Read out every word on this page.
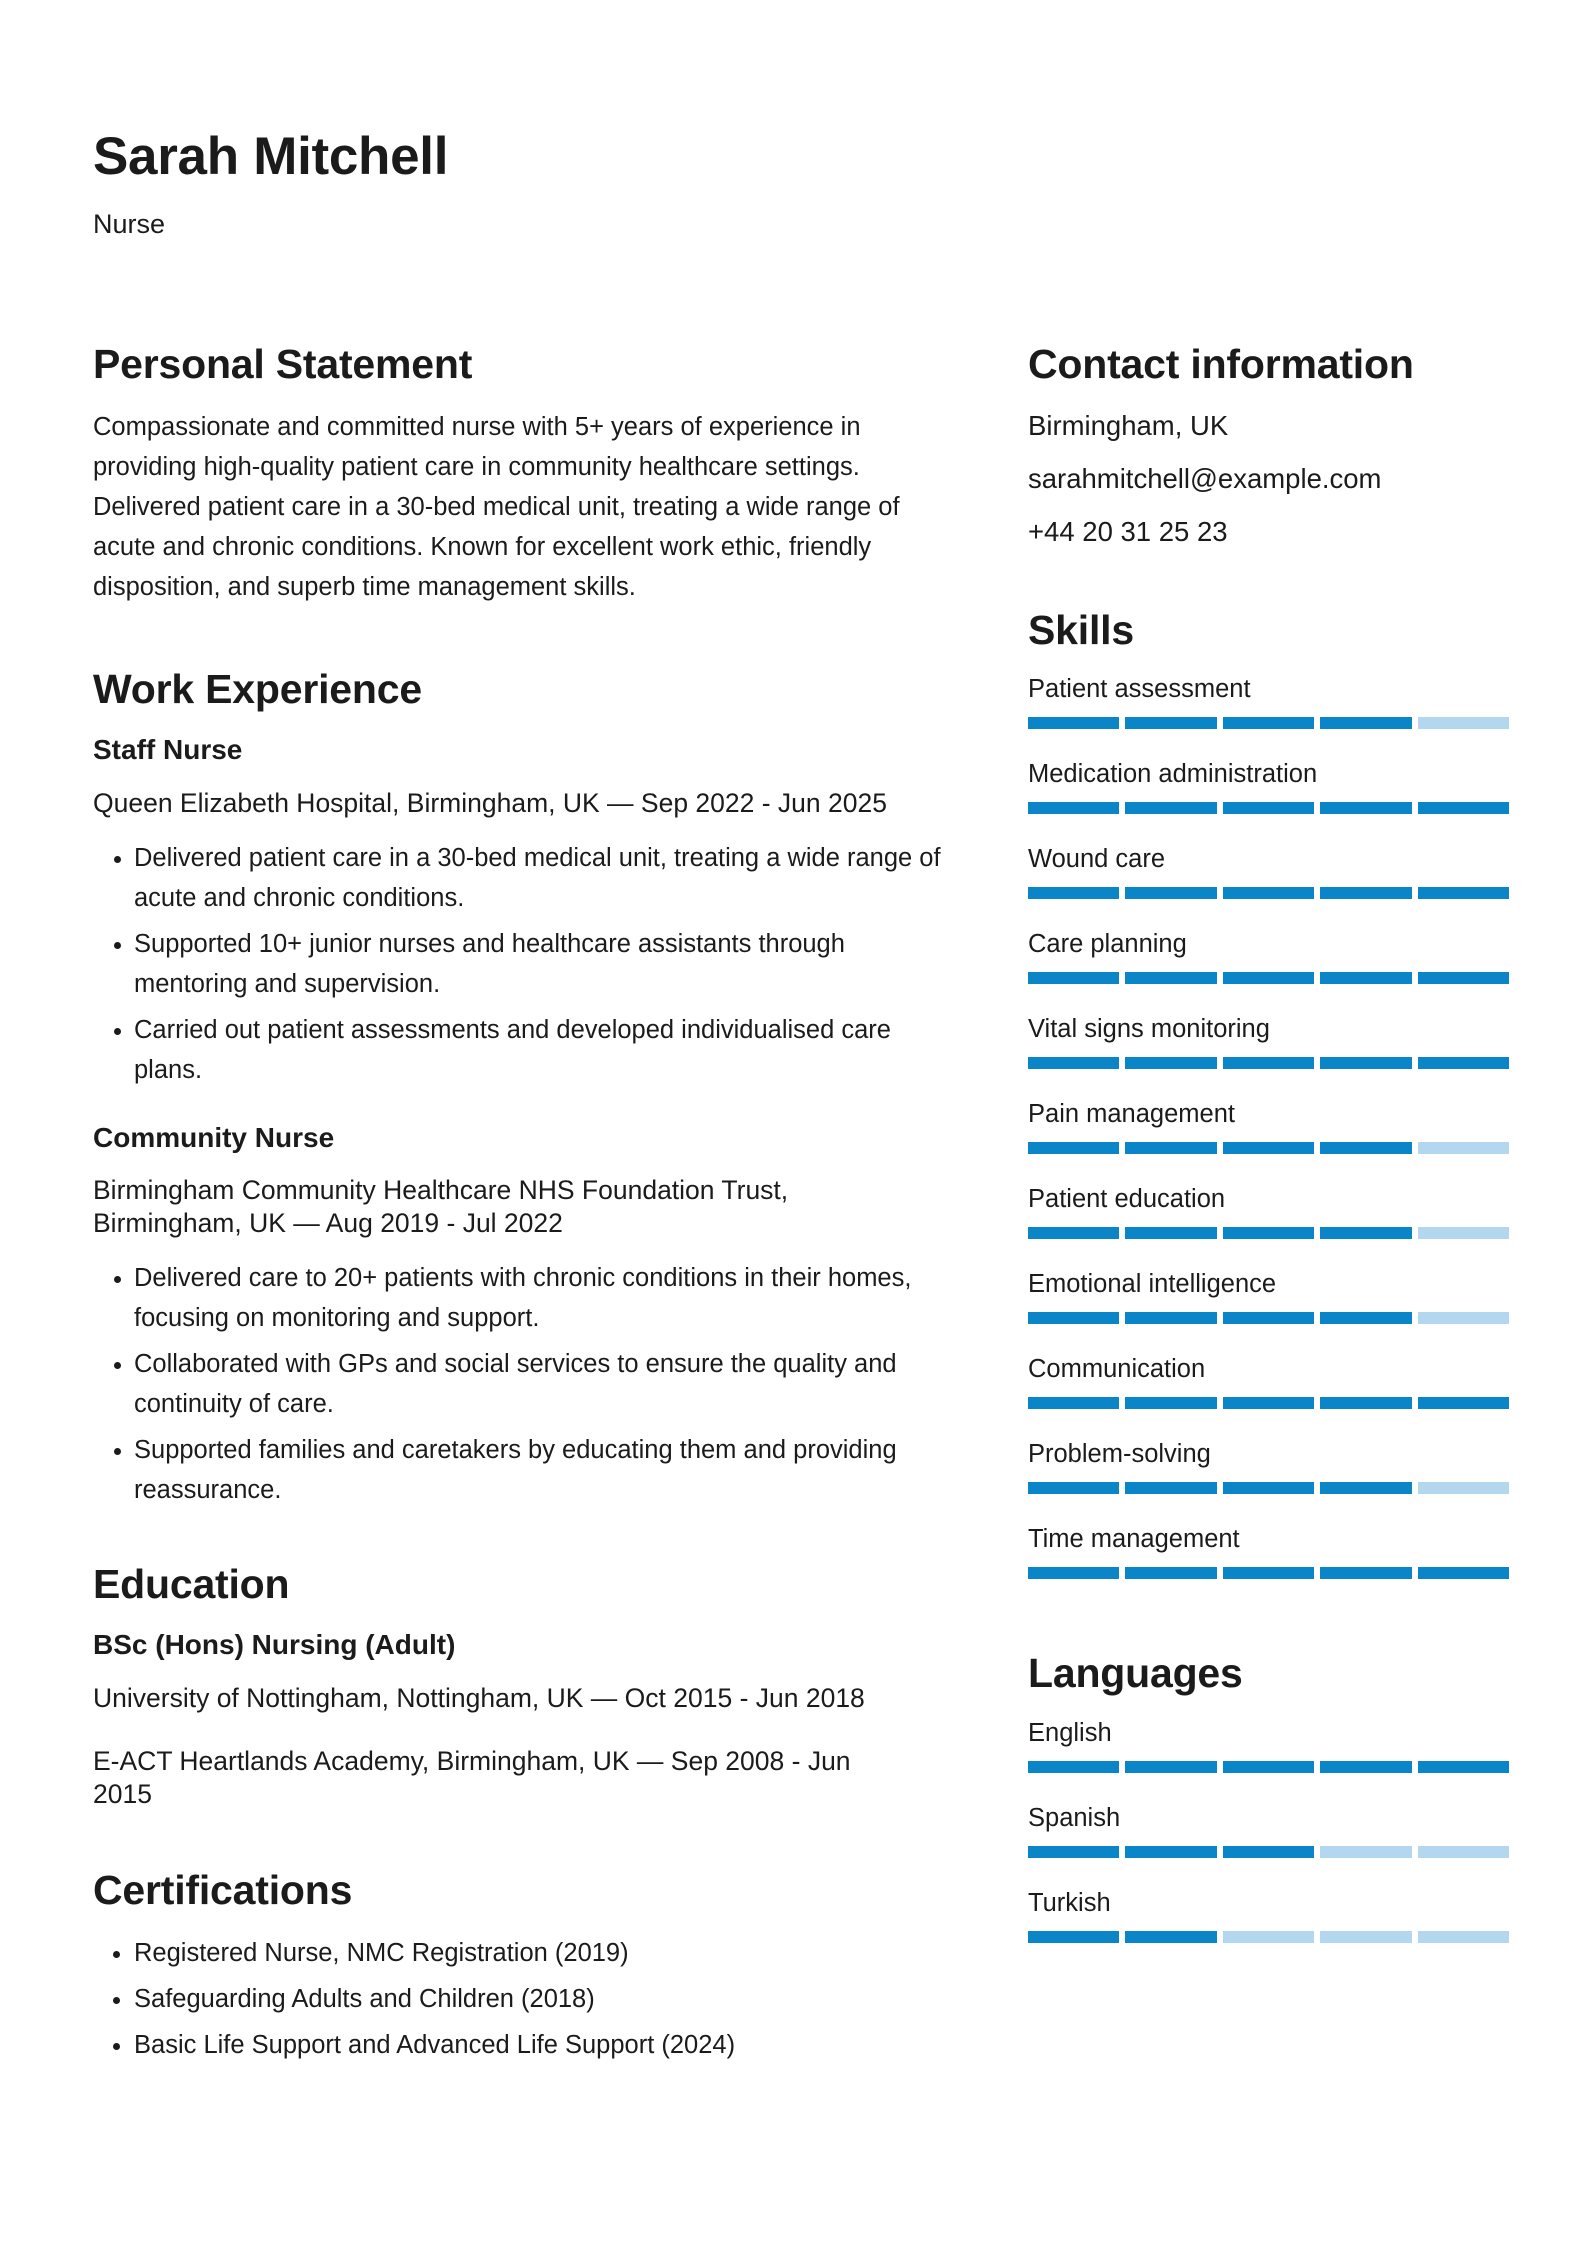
Sarah Mitchell

Nurse

Personal Statement

Compassionate and committed nurse with 5+ years of experience in providing high-quality patient care in community healthcare settings. Delivered patient care in a 30-bed medical unit, treating a wide range of acute and chronic conditions. Known for excellent work ethic, friendly disposition, and superb time management skills.

Work Experience
Staff Nurse

Queen Elizabeth Hospital, Birmingham, UK — Sep 2022 - Jun 2025

• Delivered patient care in a 30-bed medical unit, treating a wide range of acute and chronic conditions.
• Supported 10+ junior nurses and healthcare assistants through mentoring and supervision.
• Carried out patient assessments and developed individualised care plans.
Community Nurse

Birmingham Community Healthcare NHS Foundation Trust, Birmingham, UK — Aug 2019 - Jul 2022

• Delivered care to 20+ patients with chronic conditions in their homes, focusing on monitoring and support.
• Collaborated with GPs and social services to ensure the quality and continuity of care.
• Supported families and caretakers by educating them and providing reassurance.
Education

BSc (Hons) Nursing (Adult)

University of Nottingham, Nottingham, UK — Oct 2015 - Jun 2018

E-ACT Heartlands Academy, Birmingham, UK — Sep 2008 - Jun 2015

Certifications
• Registered Nurse, NMC Registration (2019)
• Safeguarding Adults and Children (2018)
• Basic Life Support and Advanced Life Support (2024)
Contact information

Birmingham, UK

sarahmitchell@example.com

+44 20 31 25 23

Skills

Patient assessment

Medication administration

Wound care

Care planning

Vital signs monitoring

Pain management

Patient education

Emotional intelligence

Communication

Problem-solving

Time management

Languages

English

Spanish

Turkish
